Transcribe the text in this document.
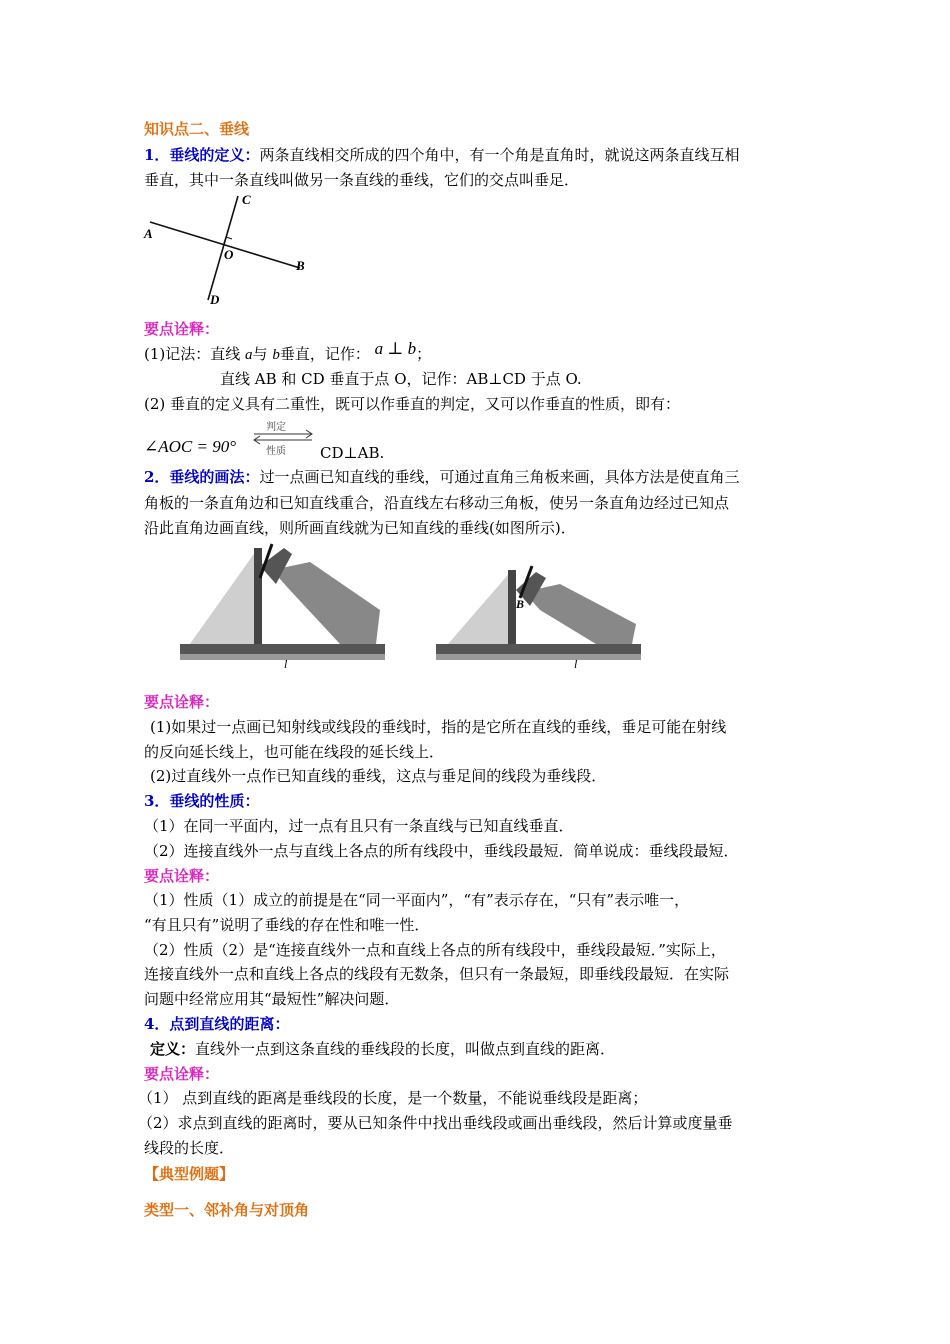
知识点二、垂线
1．垂线的定义：两条直线相交所成的四个角中，有一个角是直角时，就说这两条直线互相
垂直，其中一条直线叫做另一条直线的垂线，它们的交点叫垂足．
A
B
C
D
O
要点诠释：
(1)记法：直线 a与 b垂直，记作： a ⊥ b；
直线 AB 和 CD 垂直于点 O，记作：AB⊥CD 于点 O.
(2) 垂直的定义具有二重性，既可以作垂直的判定，又可以作垂直的性质，即有：
∠AOC = 90°
判定
性质 CD⊥AB.
2．垂线的画法：过一点画已知直线的垂线，可通过直角三角板来画，具体方法是使直角三
角板的一条直角边和已知直线重合，沿直线左右移动三角板，使另一条直角边经过已知点
沿此直角边画直线，则所画直线就为已知直线的垂线(如图所示)．
l
B
l
要点诠释：
(1)如果过一点画已知射线或线段的垂线时，指的是它所在直线的垂线，垂足可能在射线
的反向延长线上，也可能在线段的延长线上．
(2)过直线外一点作已知直线的垂线，这点与垂足间的线段为垂线段．
3．垂线的性质：
（1）在同一平面内，过一点有且只有一条直线与已知直线垂直．
（2）连接直线外一点与直线上各点的所有线段中，垂线段最短．简单说成：垂线段最短．
要点诠释：
（1）性质（1）成立的前提是在“同一平面内”，“有”表示存在，“只有”表示唯一，
“有且只有”说明了垂线的存在性和唯一性．
（2）性质（2）是“连接直线外一点和直线上各点的所有线段中，垂线段最短．”实际上，
连接直线外一点和直线上各点的线段有无数条，但只有一条最短，即垂线段最短．在实际
问题中经常应用其“最短性”解决问题．
4．点到直线的距离：
定义：直线外一点到这条直线的垂线段的长度，叫做点到直线的距离．
要点诠释：
（1） 点到直线的距离是垂线段的长度，是一个数量，不能说垂线段是距离；
（2）求点到直线的距离时，要从已知条件中找出垂线段或画出垂线段，然后计算或度量垂
线段的长度．
【典型例题】
类型一、邻补角与对顶角
